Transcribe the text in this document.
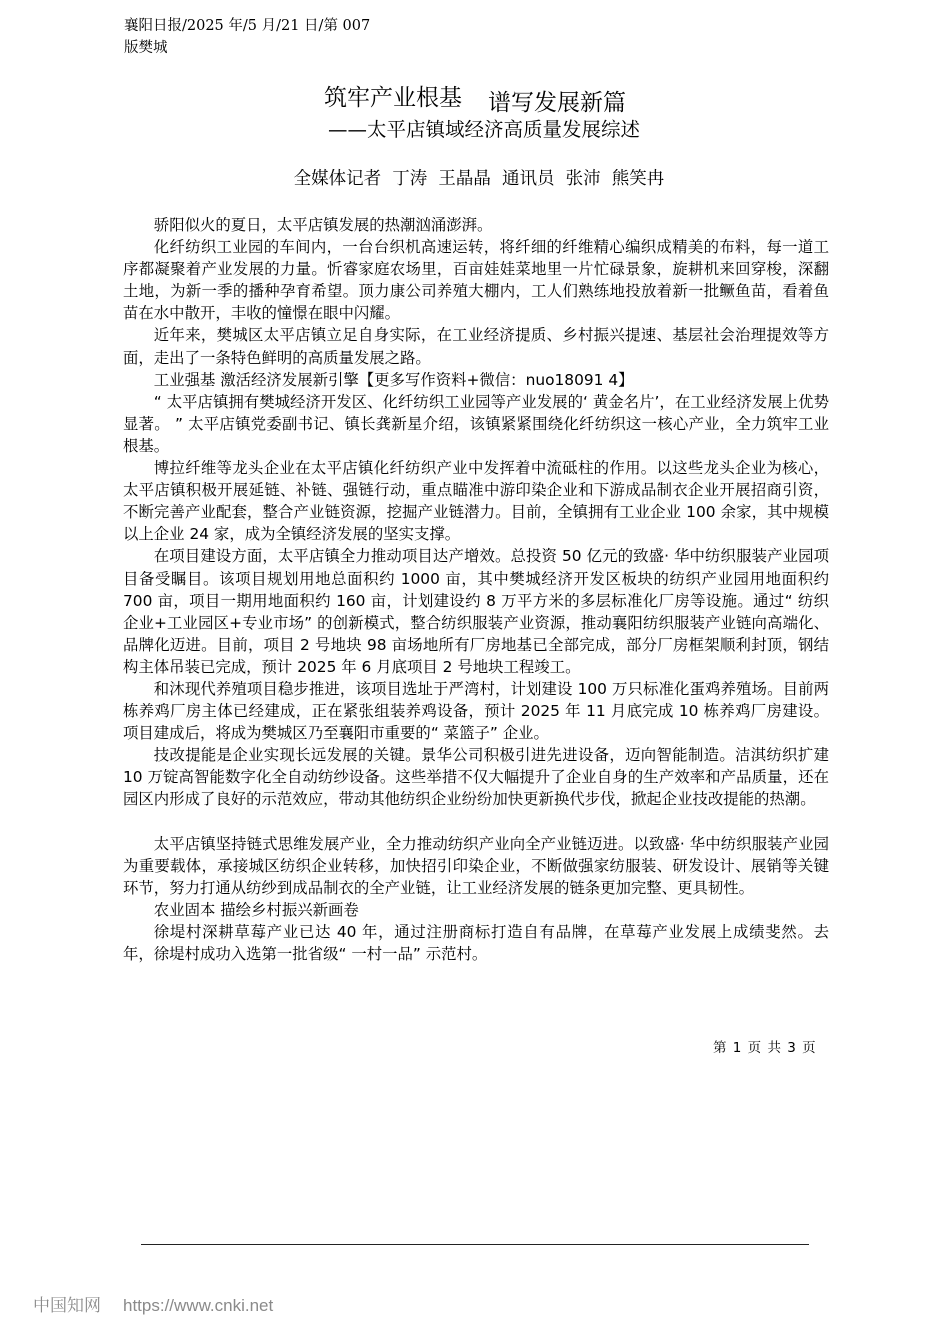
襄阳日报/2025 年/5 月/21 日/第 007
版樊城
筑牢产业根基 谱写发展新篇
——太平店镇域经济高质量发展综述
全媒体记者  丁涛  王晶晶  通讯员  张沛  熊笑冉

骄阳似火的夏日，太平店镇发展的热潮汹涌澎湃。

化纤纺织工业园的车间内，一台台织机高速运转，将纤细的纤维精心编织成精美的布料，每一道工序都凝聚着产业发展的力量。忻睿家庭农场里，百亩娃娃菜地里一片忙碌景象，旋耕机来回穿梭，深翻土地，为新一季的播种孕育希望。顶力康公司养殖大棚内，工人们熟练地投放着新一批鳜鱼苗，看着鱼苗在水中散开，丰收的憧憬在眼中闪耀。

近年来，樊城区太平店镇立足自身实际，在工业经济提质、乡村振兴提速、基层社会治理提效等方面，走出了一条特色鲜明的高质量发展之路。

工业强基 激活经济发展新引擎【更多写作资料+微信：nuo18091 4】

“ 太平店镇拥有樊城经济开发区、化纤纺织工业园等产业发展的‘ 黄金名片’，在工业经济发展上优势显著。 ” 太平店镇党委副书记、镇长龚新星介绍，该镇紧紧围绕化纤纺织这一核心产业，全力筑牢工业根基。

博拉纤维等龙头企业在太平店镇化纤纺织产业中发挥着中流砥柱的作用。以这些龙头企业为核心，太平店镇积极开展延链、补链、强链行动，重点瞄准中游印染企业和下游成品制衣企业开展招商引资，不断完善产业配套，整合产业链资源，挖掘产业链潜力。目前，全镇拥有工业企业 100 余家，其中规模以上企业 24 家，成为全镇经济发展的坚实支撑。

在项目建设方面，太平店镇全力推动项目达产增效。总投资 50 亿元的致盛· 华中纺织服装产业园项目备受瞩目。该项目规划用地总面积约 1000 亩，其中樊城经济开发区板块的纺织产业园用地面积约 700 亩，项目一期用地面积约 160 亩，计划建设约 8 万平方米的多层标准化厂房等设施。通过“ 纺织企业+工业园区+专业市场” 的创新模式，整合纺织服装产业资源，推动襄阳纺织服装产业链向高端化、品牌化迈进。目前，项目 2 号地块 98 亩场地所有厂房地基已全部完成，部分厂房框架顺利封顶，钢结构主体吊装已完成，预计 2025 年 6 月底项目 2 号地块工程竣工。

和沐现代养殖项目稳步推进，该项目选址于严湾村，计划建设 100 万只标准化蛋鸡养殖场。目前两栋养鸡厂房主体已经建成，正在紧张组装养鸡设备，预计 2025 年 11 月底完成 10 栋养鸡厂房建设。项目建成后，将成为樊城区乃至襄阳市重要的“ 菜篮子” 企业。

技改提能是企业实现长远发展的关键。景华公司积极引进先进设备，迈向智能制造。洁淇纺织扩建 10 万锭高智能数字化全自动纺纱设备。这些举措不仅大幅提升了企业自身的生产效率和产品质量，还在园区内形成了良好的示范效应，带动其他纺织企业纷纷加快更新换代步伐，掀起企业技改提能的热潮。

太平店镇坚持链式思维发展产业，全力推动纺织产业向全产业链迈进。以致盛· 华中纺织服装产业园为重要载体，承接城区纺织企业转移，加快招引印染企业，不断做强家纺服装、研发设计、展销等关键环节，努力打通从纺纱到成品制衣的全产业链，让工业经济发展的链条更加完整、更具韧性。

农业固本 描绘乡村振兴新画卷

徐堤村深耕草莓产业已达 40 年，通过注册商标打造自有品牌，在草莓产业发展上成绩斐然。去年，徐堤村成功入选第一批省级“ 一村一品” 示范村。

第 1 页 共 3 页
中国知网 https://www.cnki.net
